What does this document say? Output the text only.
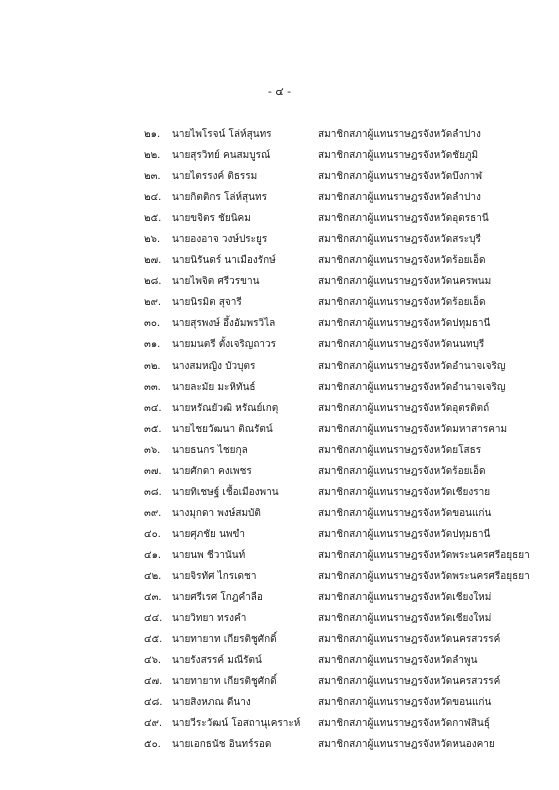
- ๔ -
๒๑.	นายไพโรจน์ โล่ห์สุนทร	สมาชิกสภาผู้แทนราษฎรจังหวัดลำปาง
๒๒.	นายสุรวิทย์ คนสมบูรณ์	สมาชิกสภาผู้แทนราษฎรจังหวัดชัยภูมิ
๒๓.	นายไตรรงค์ ติธรรม	สมาชิกสภาผู้แทนราษฎรจังหวัดบึงกาฬ
๒๔.	นายกิตติกร โล่ห์สุนทร	สมาชิกสภาผู้แทนราษฎรจังหวัดลำปาง
๒๕.	นายขจิตร ชัยนิคม	สมาชิกสภาผู้แทนราษฎรจังหวัดอุดรธานี
๒๖.	นายองอาจ วงษ์ประยูร	สมาชิกสภาผู้แทนราษฎรจังหวัดสระบุรี
๒๗.	นายนิรันดร์ นาเมืองรักษ์	สมาชิกสภาผู้แทนราษฎรจังหวัดร้อยเอ็ด
๒๘.	นายไพจิต ศรีวรขาน	สมาชิกสภาผู้แทนราษฎรจังหวัดนครพนม
๒๙.	นายนิรมิต สุจารี	สมาชิกสภาผู้แทนราษฎรจังหวัดร้อยเอ็ด
๓๐.	นายสุรพงษ์ อึ้งอัมพรวิไล	สมาชิกสภาผู้แทนราษฎรจังหวัดปทุมธานี
๓๑.	นายมนตรี ตั้งเจริญถาวร	สมาชิกสภาผู้แทนราษฎรจังหวัดนนทบุรี
๓๒.	นางสมหญิง บัวบุตร	สมาชิกสภาผู้แทนราษฎรจังหวัดอำนาจเจริญ
๓๓.	นายละมัย มะหิทันธ์	สมาชิกสภาผู้แทนราษฎรจังหวัดอำนาจเจริญ
๓๔.	นายหรัณยัวฒิ หรัณย์เกตุ	สมาชิกสภาผู้แทนราษฎรจังหวัดอุตรดิตถ์
๓๕.	นายไชยวัฒนา ติณรัตน์	สมาชิกสภาผู้แทนราษฎรจังหวัดมหาสารคาม
๓๖.	นายธนกร ไชยกุล	สมาชิกสภาผู้แทนราษฎรจังหวัดยโสธร
๓๗.	นายศักดา คงเพชร	สมาชิกสภาผู้แทนราษฎรจังหวัดร้อยเอ็ด
๓๘.	นายทิเชษฐ์ เชื้อเมืองพาน	สมาชิกสภาผู้แทนราษฎรจังหวัดเชียงราย
๓๙.	นางมุกดา พงษ์สมบัติ	สมาชิกสภาผู้แทนราษฎรจังหวัดขอนแก่น
๔๐.	นายศุภชัย นพขำ	สมาชิกสภาผู้แทนราษฎรจังหวัดปทุมธานี
๔๑.	นายนพ ชีวานันท์	สมาชิกสภาผู้แทนราษฎรจังหวัดพระนครศรีอยุธยา
๔๒.	นายจิรทัศ ไกรเดชา	สมาชิกสภาผู้แทนราษฎรจังหวัดพระนครศรีอยุธยา
๔๓.	นายศรีเรศ โกฎคำลือ	สมาชิกสภาผู้แทนราษฎรจังหวัดเชียงใหม่
๔๔. นายวิทยา ทรงคำ	สมาชิกสภาผู้แทนราษฎรจังหวัดเชียงใหม่
๔๕. นายทายาท เกียรติชูศักดิ์	สมาชิกสภาผู้แทนราษฎรจังหวัดนครสวรรค์
๔๖.	นายรังสรรค์ มณีรัตน์	สมาชิกสภาผู้แทนราษฎรจังหวัดลำพูน
๔๗. นายทายาท เกียรติชูศักดิ์	สมาชิกสภาผู้แทนราษฎรจังหวัดนครสวรรค์
๔๘. นายสิงหภณ ดีนาง	สมาชิกสภาผู้แทนราษฎรจังหวัดขอนแก่น
๔๙. นายวีระวัฒน์ โอสถานุเคราะห์	สมาชิกสภาผู้แทนราษฎรจังหวัดกาฬสินธุ์
๕๐.	นายเอกธนัช อินทร์รอด	สมาชิกสภาผู้แทนราษฎรจังหวัดหนองคาย
